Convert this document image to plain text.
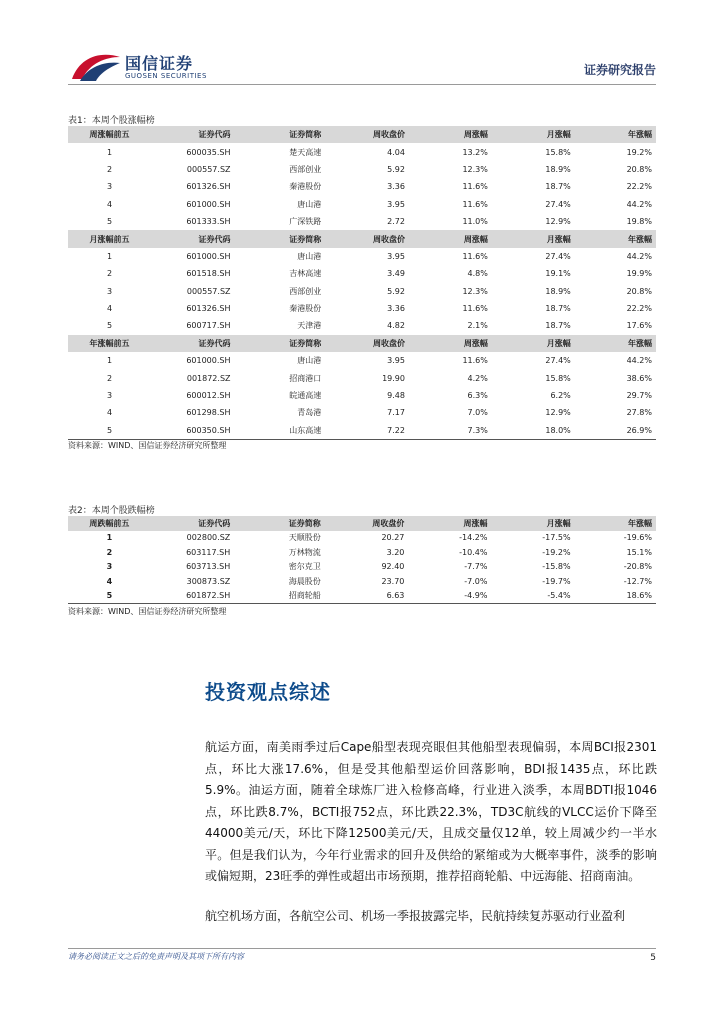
国信证券
GUOSEN SECURITIES	证券研究报告
表1：本周个股涨幅榜
周涨幅前五	证券代码	证券简称	周收盘价	周涨幅	月涨幅	年涨幅
1	600035.SH	楚天高速	4.04	13.2%	15.8%	19.2%
2	000557.SZ	西部创业	5.92	12.3%	18.9%	20.8%
3	601326.SH	秦港股份	3.36	11.6%	18.7%	22.2%
4	601000.SH	唐山港	3.95	11.6%	27.4%	44.2%
5	601333.SH	广深铁路	2.72	11.0%	12.9%	19.8%
月涨幅前五	证券代码	证券简称	周收盘价	周涨幅	月涨幅	年涨幅
1	601000.SH	唐山港	3.95	11.6%	27.4%	44.2%
2	601518.SH	吉林高速	3.49	4.8%	19.1%	19.9%
3	000557.SZ	西部创业	5.92	12.3%	18.9%	20.8%
4	601326.SH	秦港股份	3.36	11.6%	18.7%	22.2%
5	600717.SH	天津港	4.82	2.1%	18.7%	17.6%
年涨幅前五	证券代码	证券简称	周收盘价	周涨幅	月涨幅	年涨幅
1	601000.SH	唐山港	3.95	11.6%	27.4%	44.2%
2	001872.SZ	招商港口	19.90	4.2%	15.8%	38.6%
3	600012.SH	皖通高速	9.48	6.3%	6.2%	29.7%
4	601298.SH	青岛港	7.17	7.0%	12.9%	27.8%
5	600350.SH	山东高速	7.22	7.3%	18.0%	26.9%
资料来源：WIND、国信证券经济研究所整理
表2：本周个股跌幅榜
周跌幅前五	证券代码	证券简称	周收盘价	周涨幅	月涨幅	年涨幅
1	002800.SZ	天顺股份	20.27	-14.2%	-17.5%	-19.6%
2	603117.SH	万林物流	3.20	-10.4%	-19.2%	15.1%
3	603713.SH	密尔克卫	92.40	-7.7%	-15.8%	-20.8%
4	300873.SZ	海晨股份	23.70	-7.0%	-19.7%	-12.7%
5	601872.SH	招商轮船	6.63	-4.9%	-5.4%	18.6%
资料来源：WIND、国信证券经济研究所整理
投资观点综述
航运方面，南美雨季过后Cape船型表现亮眼但其他船型表现偏弱，本周BCI报2301点，环比大涨17.6%，但是受其他船型运价回落影响，BDI报1435点，环比跌5.9%。油运方面，随着全球炼厂进入检修高峰，行业进入淡季，本周BDTI报1046点，环比跌8.7%，BCTI报752点，环比跌22.3%，TD3C航线的VLCC运价下降至44000美元/天，环比下降12500美元/天，且成交量仅12单，较上周减少约一半水平。但是我们认为，今年行业需求的回升及供给的紧缩或为大概率事件，淡季的影响或偏短期，23旺季的弹性或超出市场预期，推荐招商轮船、中远海能、招商南油。
航空机场方面，各航空公司、机场一季报披露完毕，民航持续复苏驱动行业盈利
请务必阅读正文之后的免责声明及其项下所有内容	5
